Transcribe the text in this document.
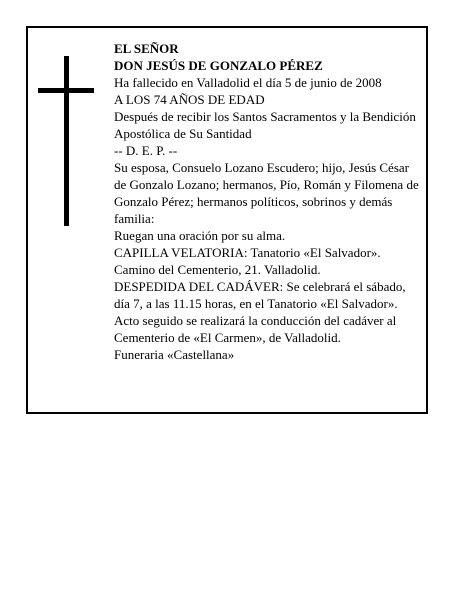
EL SEÑOR
DON JESÚS DE GONZALO PÉREZ
Ha fallecido en Valladolid el día 5 de junio de 2008
A LOS 74 AÑOS DE EDAD
Después de recibir los Santos Sacramentos y la Bendición Apostólica de Su Santidad
-- D. E. P. --
Su esposa, Consuelo Lozano Escudero; hijo, Jesús César de Gonzalo Lozano; hermanos, Pío, Román y Filomena de Gonzalo Pérez; hermanos políticos, sobrinos y demás familia:
Ruegan una oración por su alma.
CAPILLA VELATORIA: Tanatorio «El Salvador». Camino del Cementerio, 21. Valladolid.
DESPEDIDA DEL CADÁVER: Se celebrará el sábado, día 7, a las 11.15 horas, en el Tanatorio «El Salvador». Acto seguido se realizará la conducción del cadáver al Cementerio de «El Carmen», de Valladolid.
Funeraria «Castellana»
